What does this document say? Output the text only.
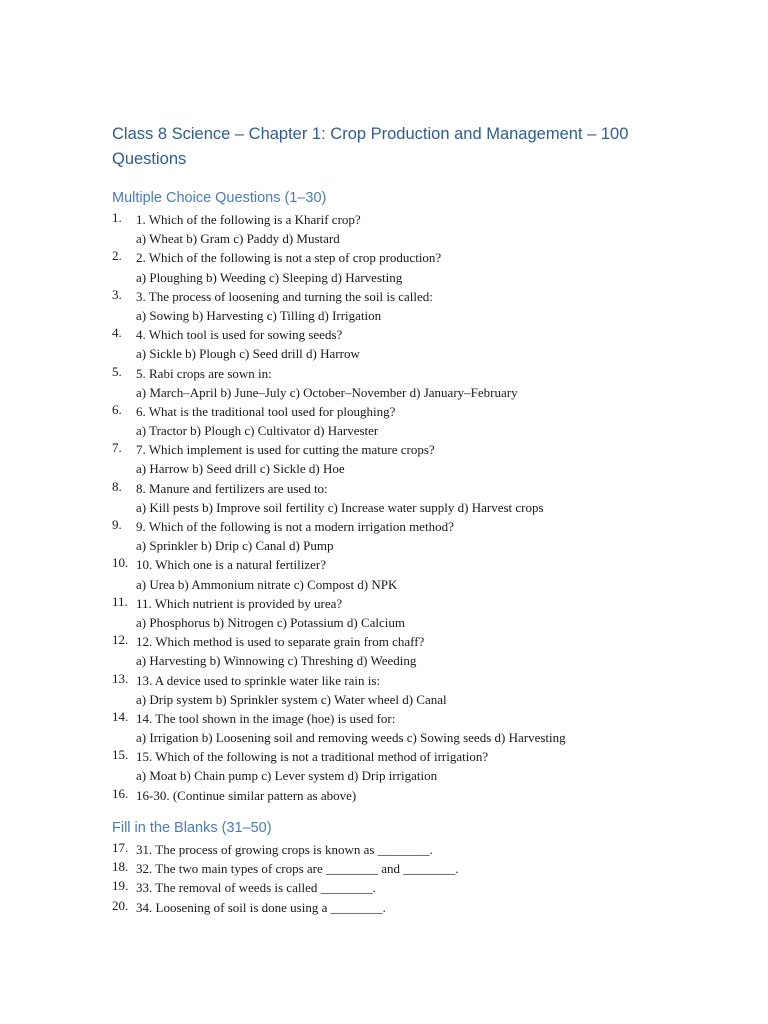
Class 8 Science – Chapter 1: Crop Production and Management – 100 Questions
Multiple Choice Questions (1–30)
1.	1. Which of the following is a Kharif crop?
a) Wheat b) Gram c) Paddy d) Mustard
2.	2. Which of the following is not a step of crop production?
a) Ploughing b) Weeding c) Sleeping d) Harvesting
3.	3. The process of loosening and turning the soil is called:
a) Sowing b) Harvesting c) Tilling d) Irrigation
4.	4. Which tool is used for sowing seeds?
a) Sickle b) Plough c) Seed drill d) Harrow
5.	5. Rabi crops are sown in:
a) March–April b) June–July c) October–November d) January–February
6.	6. What is the traditional tool used for ploughing?
a) Tractor b) Plough c) Cultivator d) Harvester
7.	7. Which implement is used for cutting the mature crops?
a) Harrow b) Seed drill c) Sickle d) Hoe
8.	8. Manure and fertilizers are used to:
a) Kill pests b) Improve soil fertility c) Increase water supply d) Harvest crops
9.	9. Which of the following is not a modern irrigation method?
a) Sprinkler b) Drip c) Canal d) Pump
10. 10. Which one is a natural fertilizer?
a) Urea b) Ammonium nitrate c) Compost d) NPK
11. 11. Which nutrient is provided by urea?
a) Phosphorus b) Nitrogen c) Potassium d) Calcium
12. 12. Which method is used to separate grain from chaff?
a) Harvesting b) Winnowing c) Threshing d) Weeding
13. 13. A device used to sprinkle water like rain is:
a) Drip system b) Sprinkler system c) Water wheel d) Canal
14. 14. The tool shown in the image (hoe) is used for:
a) Irrigation b) Loosening soil and removing weeds c) Sowing seeds d) Harvesting
15. 15. Which of the following is not a traditional method of irrigation?
a) Moat b) Chain pump c) Lever system d) Drip irrigation
16. 16-30. (Continue similar pattern as above)
Fill in the Blanks (31–50)
17. 31. The process of growing crops is known as ________.
18. 32. The two main types of crops are ________ and ________.
19. 33. The removal of weeds is called ________.
20. 34. Loosening of soil is done using a ________.
